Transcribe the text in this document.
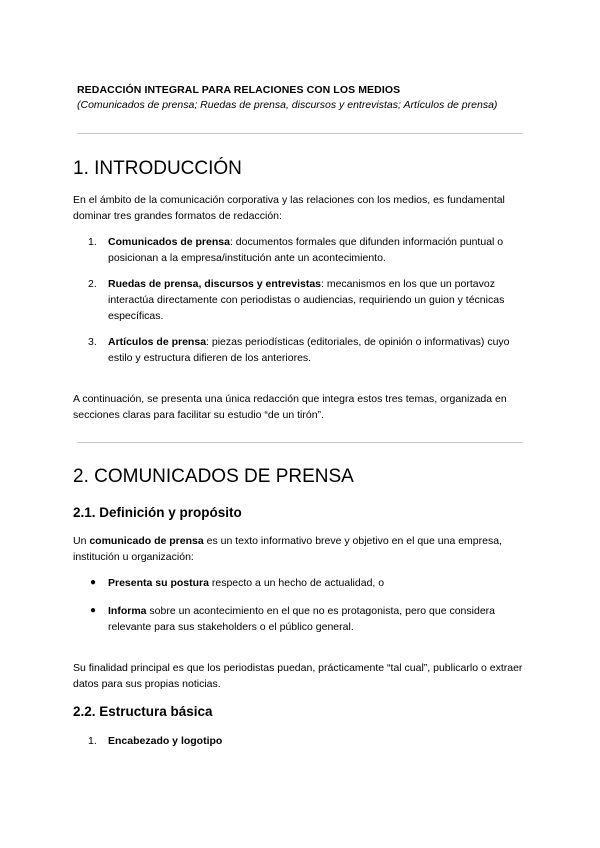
REDACCIÓN INTEGRAL PARA RELACIONES CON LOS MEDIOS
(Comunicados de prensa; Ruedas de prensa, discursos y entrevistas; Artículos de prensa)
1. INTRODUCCIÓN
En el ámbito de la comunicación corporativa y las relaciones con los medios, es fundamental dominar tres grandes formatos de redacción:
1. Comunicados de prensa: documentos formales que difunden información puntual o posicionan a la empresa/institución ante un acontecimiento.
2. Ruedas de prensa, discursos y entrevistas: mecanismos en los que un portavoz interactúa directamente con periodistas o audiencias, requiriendo un guion y técnicas específicas.
3. Artículos de prensa: piezas periodísticas (editoriales, de opinión o informativas) cuyo estilo y estructura difieren de los anteriores.
A continuación, se presenta una única redacción que integra estos tres temas, organizada en secciones claras para facilitar su estudio “de un tirón”.
2. COMUNICADOS DE PRENSA
2.1. Definición y propósito
Un comunicado de prensa es un texto informativo breve y objetivo en el que una empresa, institución u organización:
● Presenta su postura respecto a un hecho de actualidad, o
● Informa sobre un acontecimiento en el que no es protagonista, pero que considera relevante para sus stakeholders o el público general.
Su finalidad principal es que los periodistas puedan, prácticamente “tal cual”, publicarlo o extraer datos para sus propias noticias.
2.2. Estructura básica
1. Encabezado y logotipo
